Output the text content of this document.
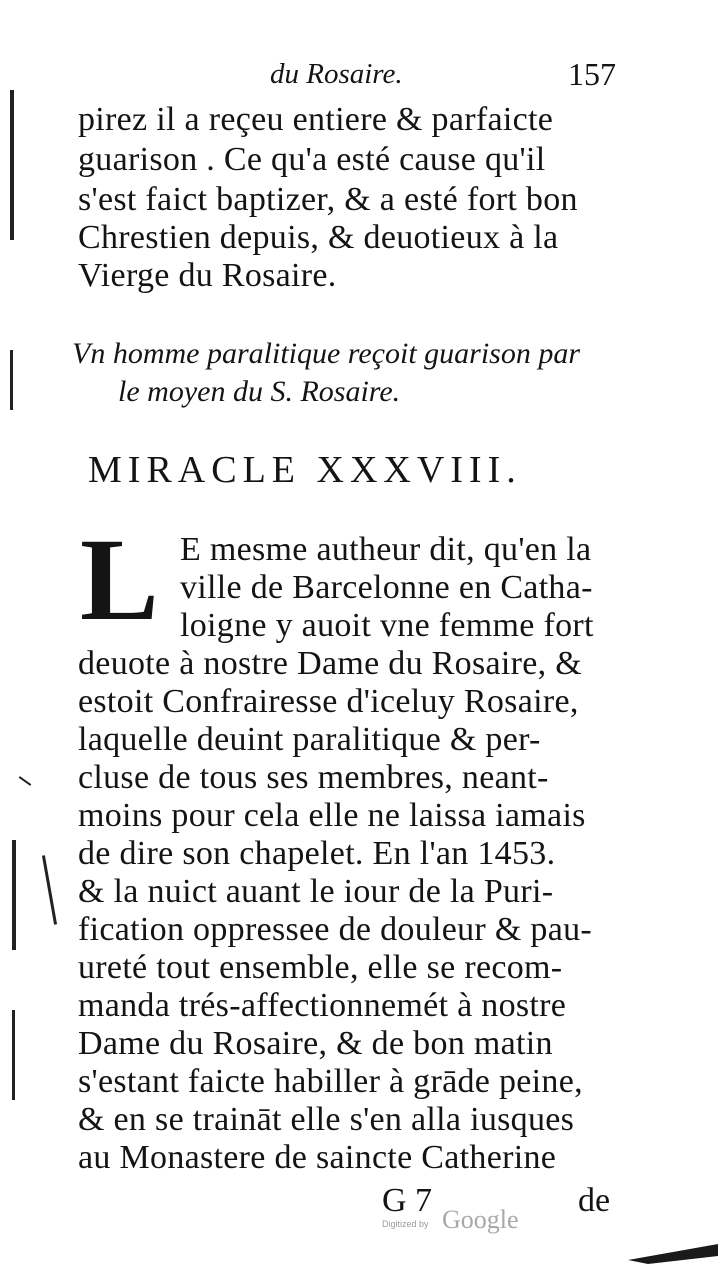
du Rosaire.	157
pirez il a reçeu entiere & parfaicte
guarison . Ce qu'a esté cause qu'il
s'est faict baptizer, & a esté fort bon
Chrestien depuis, & deuotieux à la
Vierge du Rosaire.
Vn homme paralitique reçoit guarison par
le moyen du S. Rosaire.
MIRACLE XXXVIII.
L E mesme autheur dit, qu'en la
ville de Barcelonne en Catha-
loigne y auoit vne femme fort
deuote à nostre Dame du Rosaire, &
estoit Confrairesse d'iceluy Rosaire,
laquelle deuint paralitique & per-
cluse de tous ses membres, neant-
moins pour cela elle ne laissa iamais
de dire son chapelet. En l'an 1453.
& la nuict auant le iour de la Puri-
fication oppressee de douleur & pau-
ureté tout ensemble, elle se recom-
manda trés-affectionnemét à nostre
Dame du Rosaire, & de bon matin
s'estant faicte habiller à grāde peine,
& en se traināt elle s'en alla iusques
au Monastere de saincte Catherine
G 7	de
Digitized by Google
